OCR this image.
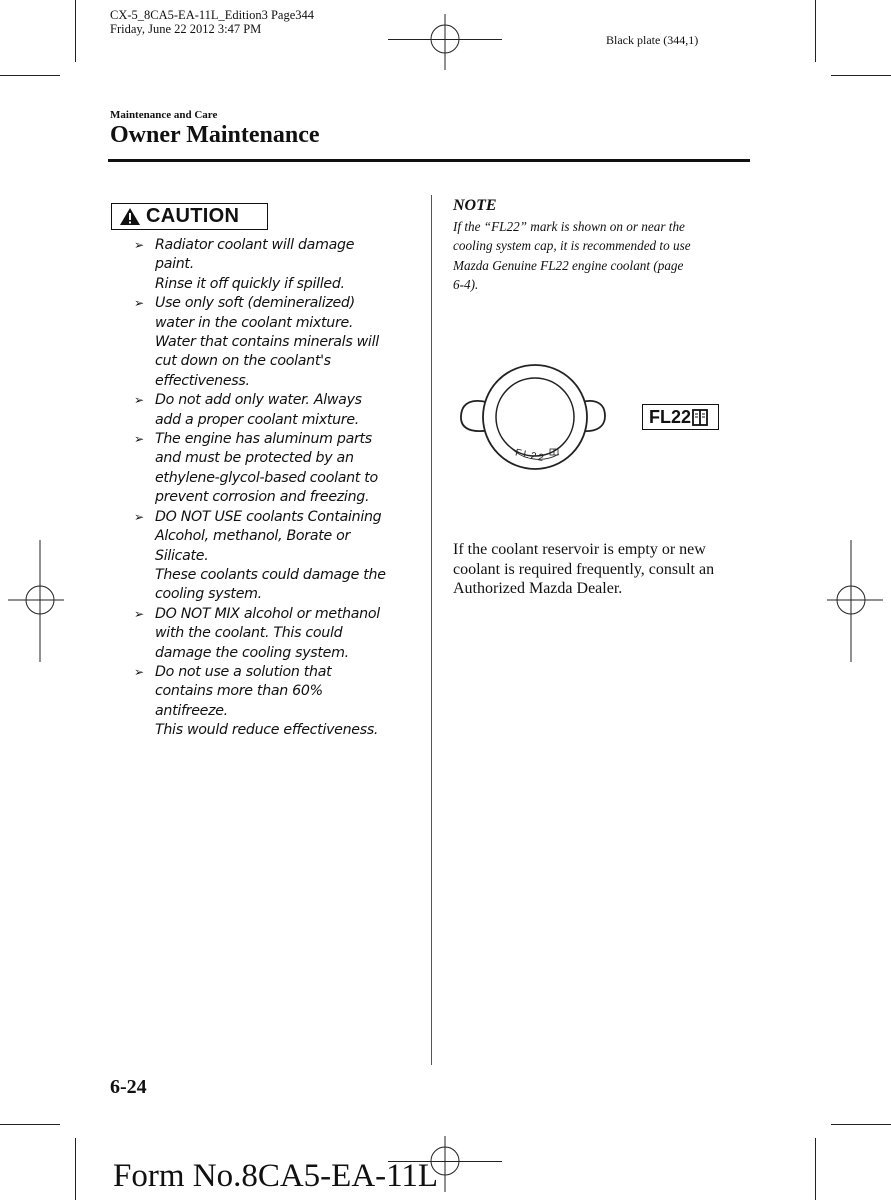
CX-5_8CA5-EA-11L_Edition3 Page344
Friday, June 22 2012 3:47 PM
Black plate (344,1)
Maintenance and Care
Owner Maintenance
CAUTION
➢ Radiator coolant will damage
paint.
Rinse it off quickly if spilled.
➢ Use only soft (demineralized)
water in the coolant mixture.
Water that contains minerals will
cut down on the coolant's
effectiveness.
➢ Do not add only water. Always
add a proper coolant mixture.
➢ The engine has aluminum parts
and must be protected by an
ethylene-glycol-based coolant to
prevent corrosion and freezing.
➢ DO NOT USE coolants Containing
Alcohol, methanol, Borate or
Silicate.
These coolants could damage the
cooling system.
➢ DO NOT MIX alcohol or methanol
with the coolant. This could
damage the cooling system.
➢ Do not use a solution that
contains more than 60%
antifreeze.
This would reduce effectiveness.
NOTE
If the “FL22” mark is shown on or near the
cooling system cap, it is recommended to use
Mazda Genuine FL22 engine coolant (page
6-4).
FL22
FL22
If the coolant reservoir is empty or new
coolant is required frequently, consult an
Authorized Mazda Dealer.
6-24
Form No.8CA5-EA-11L
